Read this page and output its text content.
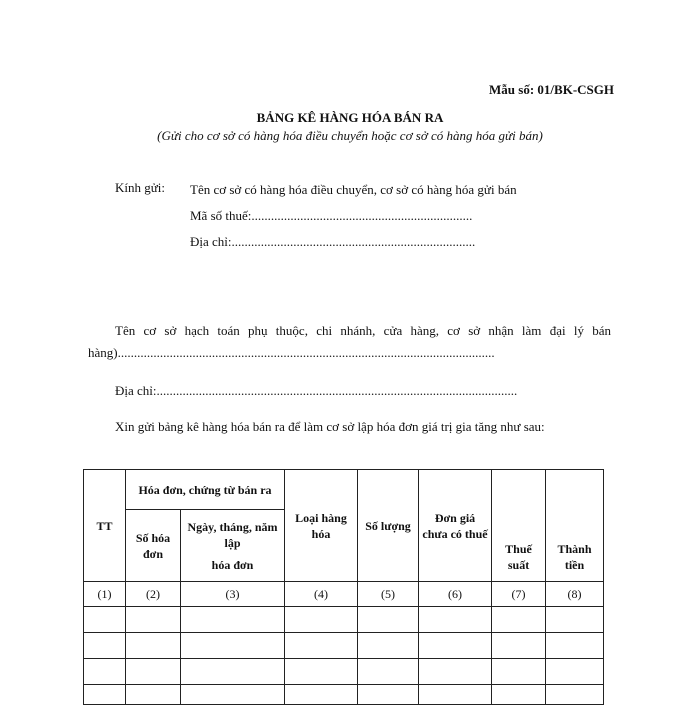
Mẫu số: 01/BK-CSGH
BẢNG KÊ HÀNG HÓA BÁN RA
(Gửi cho cơ sở có hàng hóa điều chuyển hoặc cơ sở có hàng hóa gửi bán)
Kính gửi: Tên cơ sở có hàng hóa điều chuyển, cơ sở có hàng hóa gửi bán
Mã số thuế:....................................................................
Địa chỉ:...........................................................................
Tên cơ sở hạch toán phụ thuộc, chi nhánh, cửa hàng, cơ sở nhận làm đại lý bán hàng)....................................................................................................................
Địa chỉ:...............................................................................................................
Xin gửi bảng kê hàng hóa bán ra để làm cơ sở lập hóa đơn giá trị gia tăng như sau:
TT	Hóa đơn, chứng từ bán ra		Loại hàng hóa	Số lượng	Đơn giá chưa có thuế	Thuế suất	Thành tiền
	Số hóa đơn	Ngày, tháng, năm lập
hóa đơn					

(1)	(2)	(3)	(4)	(5)	(6)	(7)	(8)
